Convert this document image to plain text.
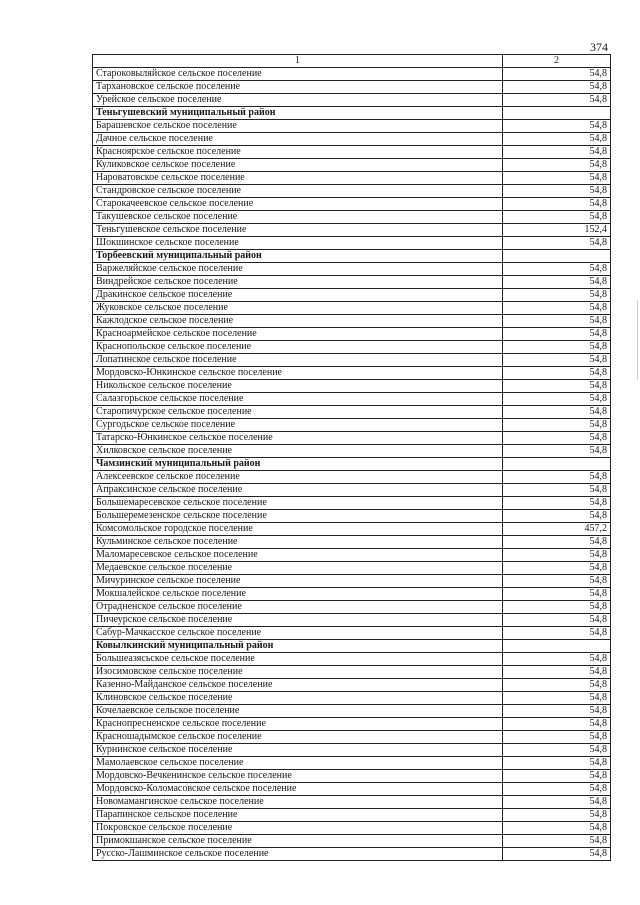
374
1	2
Староковыляйское сельское поселение	54,8
Тархановское сельское поселение	54,8
Урейское сельское поселение	54,8
Теньгушевский муниципальный район	
Барашевское сельское поселение	54,8
Дачное сельское поселение	54,8
Красноярское сельское поселение	54,8
Куликовское сельское поселение	54,8
Нароватовское сельское поселение	54,8
Стандровское сельское поселение	54,8
Старокачеевское сельское поселение	54,8
Такушевское сельское поселение	54,8
Теньгушевское сельское поселение	152,4
Шокшинское сельское поселение	54,8
Торбеевский муниципальный район	
Варжеляйское сельское поселение	54,8
Виндрейское сельское поселение	54,8
Дракинское сельское поселение	54,8
Жуковское сельское поселение	54,8
Кажлодское сельское поселение	54,8
Красноармейское сельское поселение	54,8
Краснопольское сельское поселение	54,8
Лопатинское сельское поселение	54,8
Мордовско-Юнкинское сельское поселение	54,8
Никольское сельское поселение	54,8
Салазгорьское сельское поселение	54,8
Старопичурское сельское поселение	54,8
Сургодьское сельское поселение	54,8
Татарско-Юнкинское сельское поселение	54,8
Хилковское сельское поселение	54,8
Чамзинский муниципальный район	
Алексеевское сельское поселение	54,8
Апраксинское сельское поселение	54,8
Большемаресевское сельское поселение	54,8
Большеремезенское сельское поселение	54,8
Комсомольское городское поселение	457,2
Кульминское сельское поселение	54,8
Маломаресевское сельское поселение	54,8
Медаевское сельское поселение	54,8
Мичуринское сельское поселение	54,8
Мокшалейское сельское поселение	54,8
Отрадненское сельское поселение	54,8
Пичеурское сельское поселение	54,8
Сабур-Мачкасское сельское поселение	54,8
Ковылкинский муниципальный район	
Большеазясьское сельское поселение	54,8
Изосимовское сельское поселение	54,8
Казенно-Майданское сельское поселение	54,8
Клиновское сельское поселение	54,8
Кочелаевское сельское поселение	54,8
Краснопресненское сельское поселение	54,8
Красношадымское сельское поселение	54,8
Курнинское сельское поселение	54,8
Мамолаевское сельское поселение	54,8
Мордовско-Вечкенинское сельское поселение	54,8
Мордовско-Коломасовское сельское поселение	54,8
Новомамангинское сельское поселение	54,8
Парапинское сельское поселение	54,8
Покровское сельское поселение	54,8
Примокшанское сельское поселение	54,8
Русско-Лашминское сельское поселение	54,8
